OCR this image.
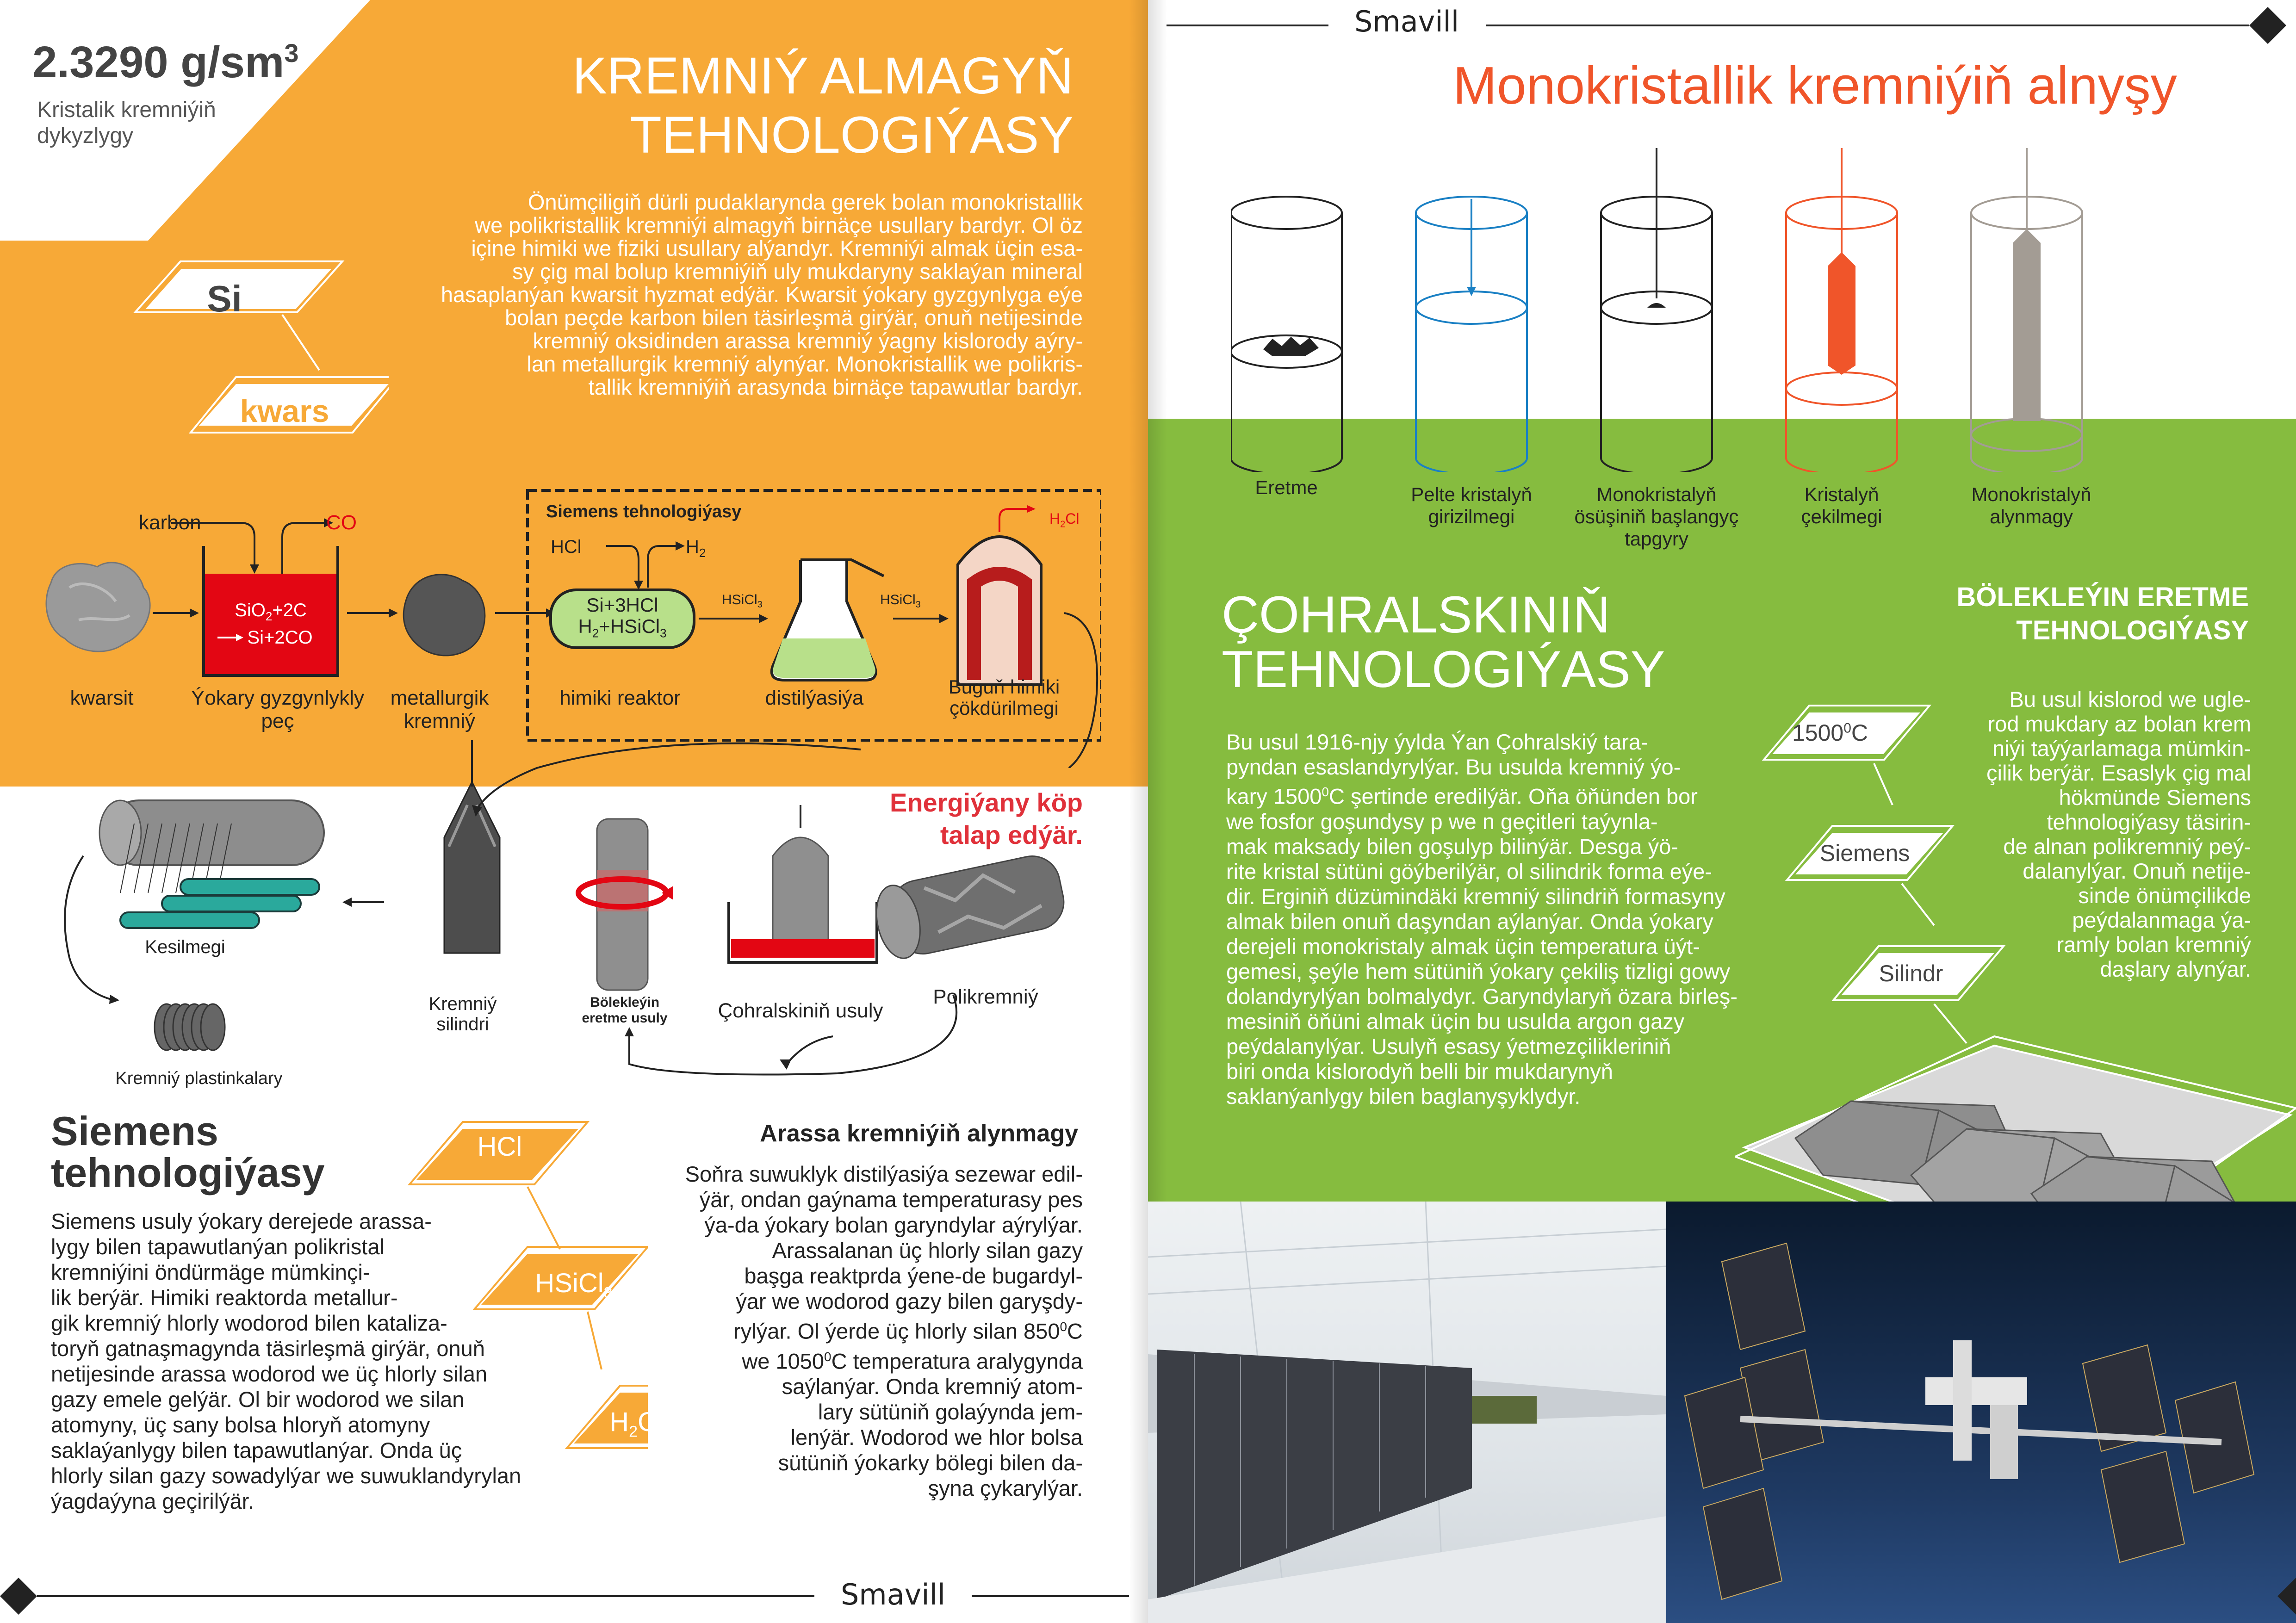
2.3290 $g/sm^3$
Kristalik kremniýiň
dykyzlygy
KREMNIÝ ALMAGYŇ
TEHNOLOGIÝASY
Önümçiligiň dürli pudaklarynda gerek bolan monokristallik
we polikristallik kremniýi almagyň birnäçe usullary bardyr. Ol öz
içine himiki we fiziki usullary alýandyr. Kremniýi almak üçin esa-
sy çig mal bolup kremniýiň uly mukdaryny saklaýan mineral
hasaplanýan kwarsit hyzmat edýär. Kwarsit ýokary gyzgynlyga eýe
bolan peçde karbon bilen täsirleşmä girýär, onuň netijesinde
kremniý oksidinden arassa kremniý ýagny kislorody aýry-
lan metallurgik kremniý alynýar. Monokristallik we polikris-
tallik kremniýiň arasynda birnäçe tapawutlar bardyr.
Si
kwars
karbon	CO
SiO$_2$+2C
Si+2CO
Siemens tehnologiýasy
HCl	$H_2$
Si+3HCl
$H_2+HSiCl_3$
HSiCl$_3$	HSiCl$_3$
$H_2Cl$
kwarsit	Ýokary gyzgynlykly peç
metallurgik kremniý
himiki reaktor	distilýasiýa	Buguň himiki
çökdürilmegi
Energiýany köp
talap edýär.
Kesilmegi
Kremniý plastinkalary
Kremniý
silindri
Bölekleýin
eretme usuly	Çohralskiniň usuly
Polikremniý
Siemens
tehnologiýasy
Siemens usuly ýokary derejede arassa-
lygy bilen tapawutlanýan polikristal
kremniýini öndürmäge mümkinçi-
lik berýär. Himiki reaktorda metallur-
gik kremniý hlorly wodorod bilen kataliza-
toryň gatnaşmagynda täsirleşmä girýär, onuň
netijesinde arassa wodorod we üç hlorly silan
gazy emele gelýär. Ol bir wodorod we silan
atomyny, üç sany bolsa hloryň atomyny
saklaýanlygy bilen tapawutlanýar. Onda üç
hlorly silan gazy sowadylýar we suwuklandyrylan
ýagdaýyna geçirilýär.
HCl
HSiCl$_3$
$H_2Cl$
Arassa kremniýiň alynmagy
Soňra suwuklyk distilýasiýa sezewar edil-
ýär, ondan gaýnama temperaturasy pes
ýa-da ýokary bolan garyndylar aýrylýar.
Arassalanan üç hlorly silan gazy
başga reaktprda ýene-de bugardyl-
ýar we wodorod gazy bilen garyşdy-
rylýar. Ol ýerde üç hlorly silan $850^0C$
we 1050$^0$C temperatura aralygynda
saýlanýar. Onda kremniý atom-
lary sütüniň golaýynda jem-
lenýär. Wodorod we hlor bolsa
sütüniň ýokarky bölegi bilen da-
şyna çykarylýar.
Smavill
Smavill
Monokristallik kremniýiň alnyşy
Eretme	Pelte kristalyň
girizilmegi
Monokristalyň
ösüşiniň başlangyç
tapgyry
Kristalyň
çekilmegi
Monokristalyň
alynmagy
ÇOHRALSKINIŇ
TEHNOLOGIÝASY
Bu usul 1916-njy ýylda Ýan Çohralskiý tara-
pyndan esaslandyrylýar. Bu usulda kremniý ýo-
kary 1500$^0$C şertinde eredilýär. Oňa öňünden bor
we fosfor goşundysy p we n geçitleri taýynla-
mak maksady bilen goşulyp bilinýär. Desga ýö-
rite kristal sütüni göýberilýär, ol silindrik forma eýe-
dir. Erginiň düzümindäki kremniý silindriň formasyny
almak bilen onuň daşyndan aýlanýar. Onda ýokary
derejeli monokristaly almak üçin temperatura üýt-
gemesi, şeýle hem sütüniň ýokary çekiliş tizligi gowy
dolandyrylýan bolmalydyr. Garyndylaryň özara birleş-
mesiniň öňüni almak üçin bu usulda argon gazy
peýdalanylýar. Usulyň esasy ýetmezçilikleriniň
biri onda kislorodyň belli bir mukdarynyň
saklanýanlygy bilen baglanyşyklydyr.
1500$^0$C
Siemens
Silindr
BÖLEKLEÝIN ERETME
TEHNOLOGIÝASY
Bu usul kislorod we ugle-
rod mukdary az bolan krem
niýi taýýarlamaga mümkin-
çilik berýär. Esaslyk çig mal
hökmünde Siemens
tehnologiýasy täsirin-
de alnan polikremniý peý-
dalanylýar. Onuň netije-
sinde önümçilikde
peýdalanmaga ýa-
ramly bolan kremniý
daşlary alynýar.
